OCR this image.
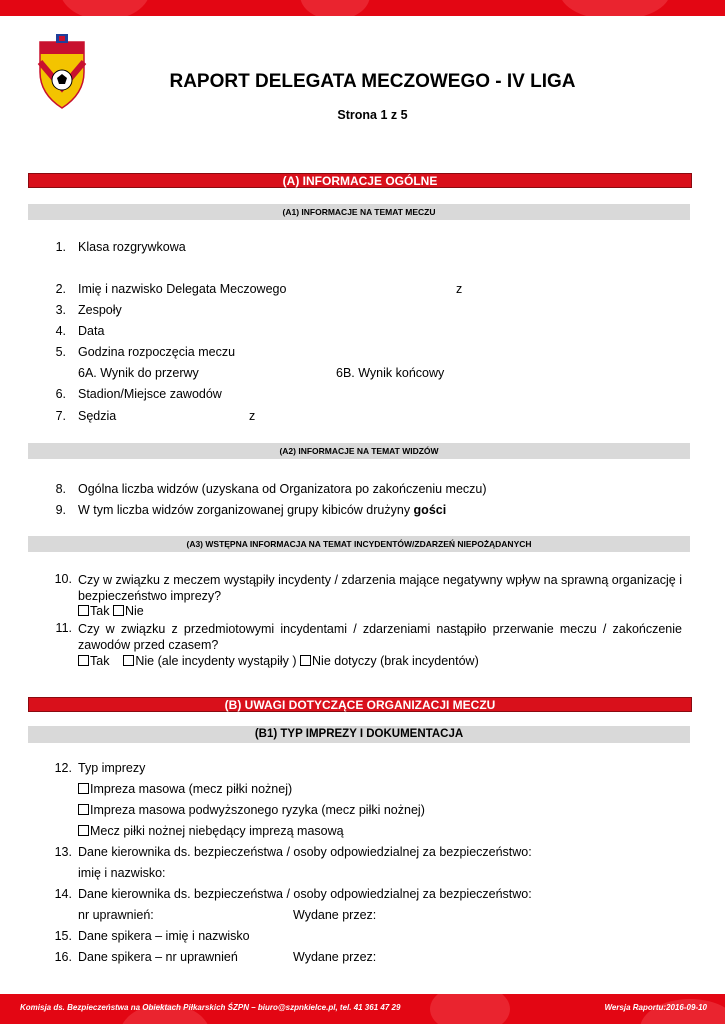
RAPORT DELEGATA MECZOWEGO - IV LIGA
Strona 1 z 5
(A) INFORMACJE OGÓLNE
(A1) INFORMACJE NA TEMAT MECZU
1. Klasa rozgrywkowa
2. Imię i nazwisko Delegata Meczowego	z
3. Zespoły
4. Data
5. Godzina rozpoczęcia meczu
6A. Wynik do przerwy	6B. Wynik końcowy
6. Stadion/Miejsce zawodów
7. Sędzia	z
(A2) INFORMACJE NA TEMAT WIDZÓW
8. Ogólna liczba widzów (uzyskana od Organizatora po zakończeniu meczu)
9. W tym liczba widzów zorganizowanej grupy kibiców drużyny gości
(A3) WSTĘPNA INFORMACJA NA TEMAT INCYDENTÓW/ZDARZEŃ NIEPOŻĄDANYCH
10. Czy w związku z meczem wystąpiły incydenty / zdarzenia mające negatywny wpływ na sprawną organizację i bezpieczeństwo imprezy?
Tak Nie
11. Czy w związku z przedmiotowymi incydentami / zdarzeniami nastąpiło przerwanie meczu / zakończenie zawodów przed czasem?
Tak Nie (ale incydenty wystąpiły ) Nie dotyczy (brak incydentów)
(B) UWAGI DOTYCZĄCE ORGANIZACJI MECZU
(B1) TYP IMPREZY I DOKUMENTACJA
12. Typ imprezy
Impreza masowa (mecz piłki nożnej)
Impreza masowa podwyższonego ryzyka (mecz piłki nożnej)
Mecz piłki nożnej niebędący imprezą masową
13. Dane kierownika ds. bezpieczeństwa / osoby odpowiedzialnej za bezpieczeństwo:
imię i nazwisko:
14. Dane kierownika ds. bezpieczeństwa / osoby odpowiedzialnej za bezpieczeństwo:
nr uprawnień:	Wydane przez:
15. Dane spikera – imię i nazwisko
16. Dane spikera – nr uprawnień	Wydane przez:
Komisja ds. Bezpieczeństwa na Obiektach Piłkarskich ŚZPN – biuro@szpnkielce.pl, tel. 41 361 47 29	Wersja Raportu:2016-09-10
